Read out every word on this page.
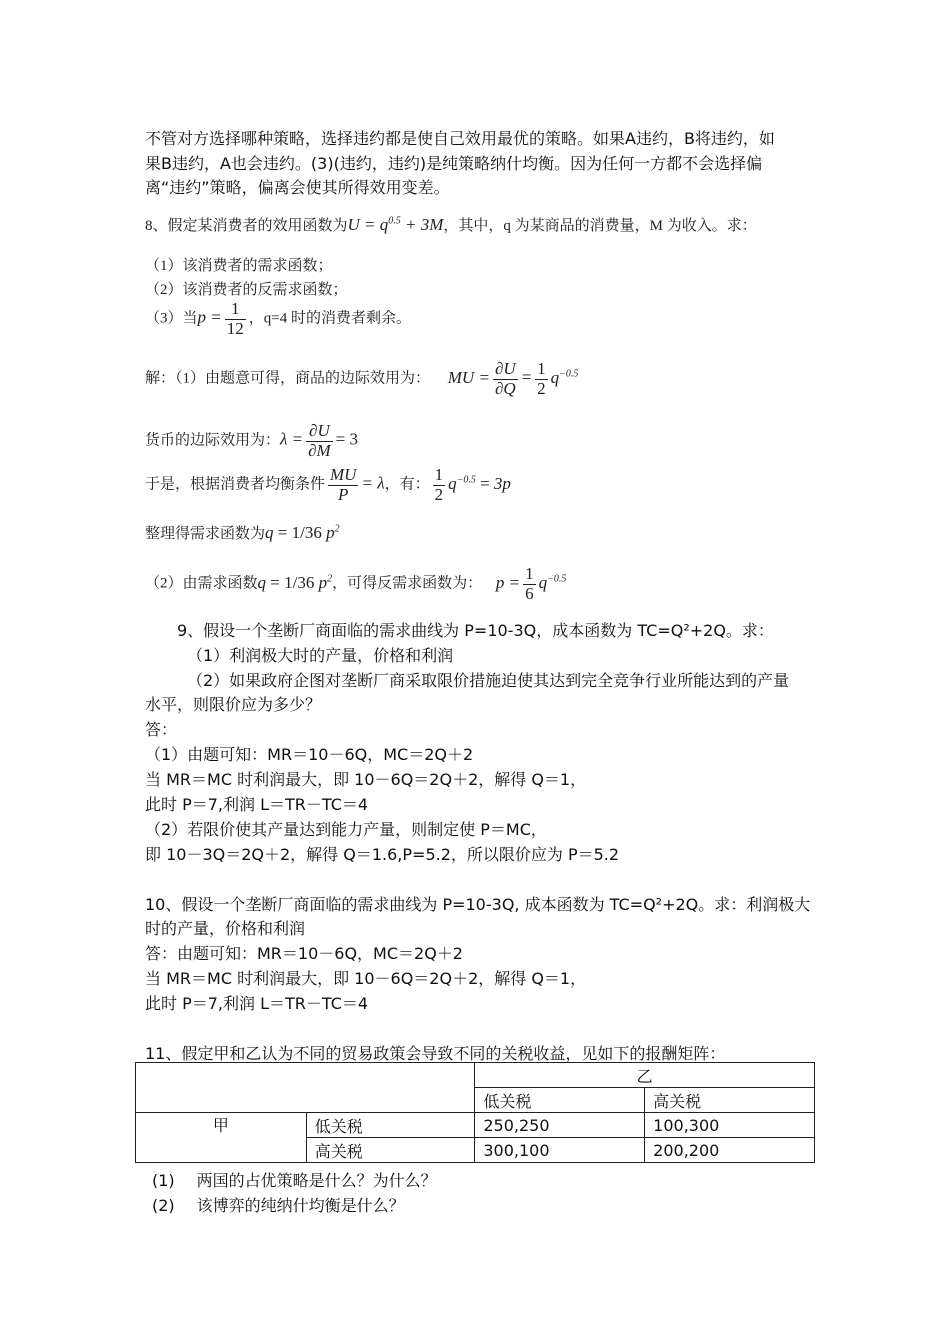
不管对方选择哪种策略，选择违约都是使自己效用最优的策略。如果A违约，B将违约，如
果B违约，A也会违约。(3)(违约，违约)是纯策略纳什均衡。因为任何一方都不会选择偏
离“违约”策略，偏离会使其所得效用变差。
8、假定某消费者的效用函数为$U = q^{0.5} + 3M$，其中，q 为某商品的消费量，M 为收入。求：
（1）该消费者的需求函数；
（2）该消费者的反需求函数；
（3）当$p = \frac{1}{12}$ ，q=4 时的消费者剩余。
解：（1）由题意可得，商品的边际效用为： MU = $\frac{\partial U}{\partial Q} = \frac{1}{2} q^{-0.5}$
货币的边际效用为：$\lambda = \frac{\partial U}{\partial M} = 3$
于是，根据消费者均衡条件 $\frac{MU}{P} = \lambda$，有： $\frac{1}{2} q^{-0.5} = 3p$
整理得需求函数为q = 1/36 $p^2$
（2）由需求函数q = 1/36 $p^2$，可得反需求函数为： $p = \frac{1}{6} q^{-0.5}$
9、假设一个垄断厂商面临的需求曲线为 P=10-3Q，成本函数为 TC=Q²+2Q。求：
（1）利润极大时的产量，价格和利润
（2）如果政府企图对垄断厂商采取限价措施迫使其达到完全竞争行业所能达到的产量
水平，则限价应为多少？
答：
（1）由题可知：MR＝10－6Q，MC＝2Q＋2
当 MR＝MC 时利润最大，即 10－6Q＝2Q＋2，解得 Q＝1，
此时 P＝7,利润 L＝TR－TC＝4
（2）若限价使其产量达到能力产量，则制定使 P＝MC，
即 10－3Q＝2Q＋2，解得 Q＝1.6,P=5.2，所以限价应为 P＝5.2
10、假设一个垄断厂商面临的需求曲线为 P=10-3Q, 成本函数为 TC=Q²+2Q。求：利润极大
时的产量，价格和利润
答：由题可知：MR＝10－6Q，MC＝2Q＋2
当 MR＝MC 时利润最大，即 10－6Q＝2Q＋2，解得 Q＝1，
此时 P＝7,利润 L＝TR－TC＝4
11、假定甲和乙认为不同的贸易政策会导致不同的关税收益，见如下的报酬矩阵：
		乙	
		低关税	高关税
甲	低关税	250,250	100,300
	高关税	300,100	200,200
(1) 两国的占优策略是什么？为什么？
(2) 该博弈的纯纳什均衡是什么？
